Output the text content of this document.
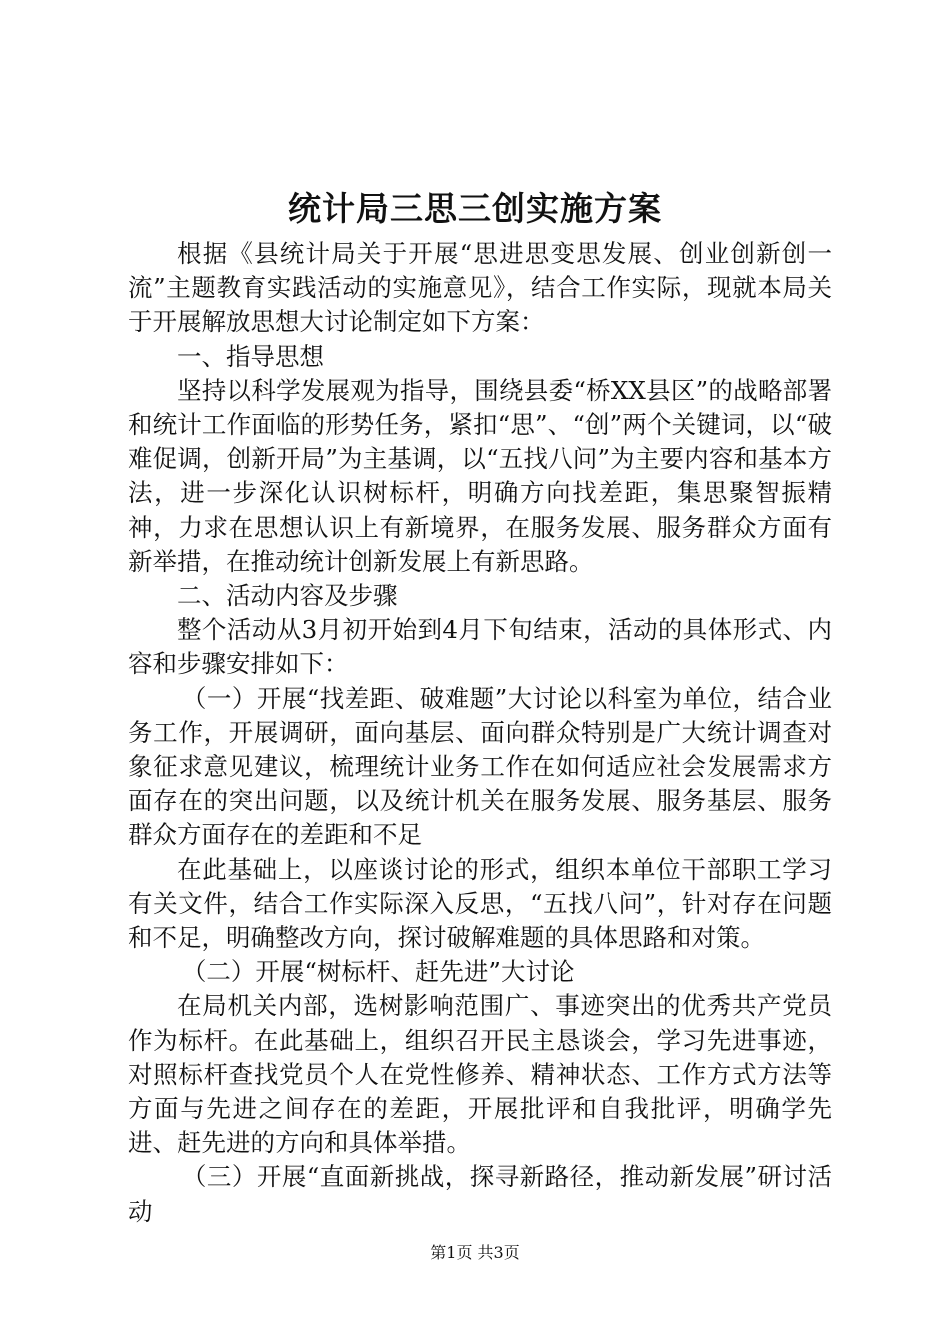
统计局三思三创实施方案

根据《县统计局关于开展“思进思变思发展、创业创新创一流”主题教育实践活动的实施意见》，结合工作实际，现就本局关于开展解放思想大讨论制定如下方案：

一、指导思想

坚持以科学发展观为指导，围绕县委“桥XX县区”的战略部署和统计工作面临的形势任务，紧扣“思”、“创”两个关键词，以“破难促调，创新开局”为主基调，以“五找八问”为主要内容和基本方法，进一步深化认识树标杆，明确方向找差距，集思聚智振精神，力求在思想认识上有新境界，在服务发展、服务群众方面有新举措，在推动统计创新发展上有新思路。

二、活动内容及步骤

整个活动从3月初开始到4月下旬结束，活动的具体形式、内容和步骤安排如下：

（一）开展“找差距、破难题”大讨论以科室为单位，结合业务工作，开展调研，面向基层、面向群众特别是广大统计调查对象征求意见建议，梳理统计业务工作在如何适应社会发展需求方面存在的突出问题，以及统计机关在服务发展、服务基层、服务群众方面存在的差距和不足

在此基础上，以座谈讨论的形式，组织本单位干部职工学习有关文件，结合工作实际深入反思，“五找八问”，针对存在问题和不足，明确整改方向，探讨破解难题的具体思路和对策。

（二）开展“树标杆、赶先进”大讨论

在局机关内部，选树影响范围广、事迹突出的优秀共产党员作为标杆。在此基础上，组织召开民主恳谈会，学习先进事迹，对照标杆查找党员个人在党性修养、精神状态、工作方式方法等方面与先进之间存在的差距，开展批评和自我批评，明确学先进、赶先进的方向和具体举措。

（三）开展“直面新挑战，探寻新路径，推动新发展”研讨活动

第1页 共3页
